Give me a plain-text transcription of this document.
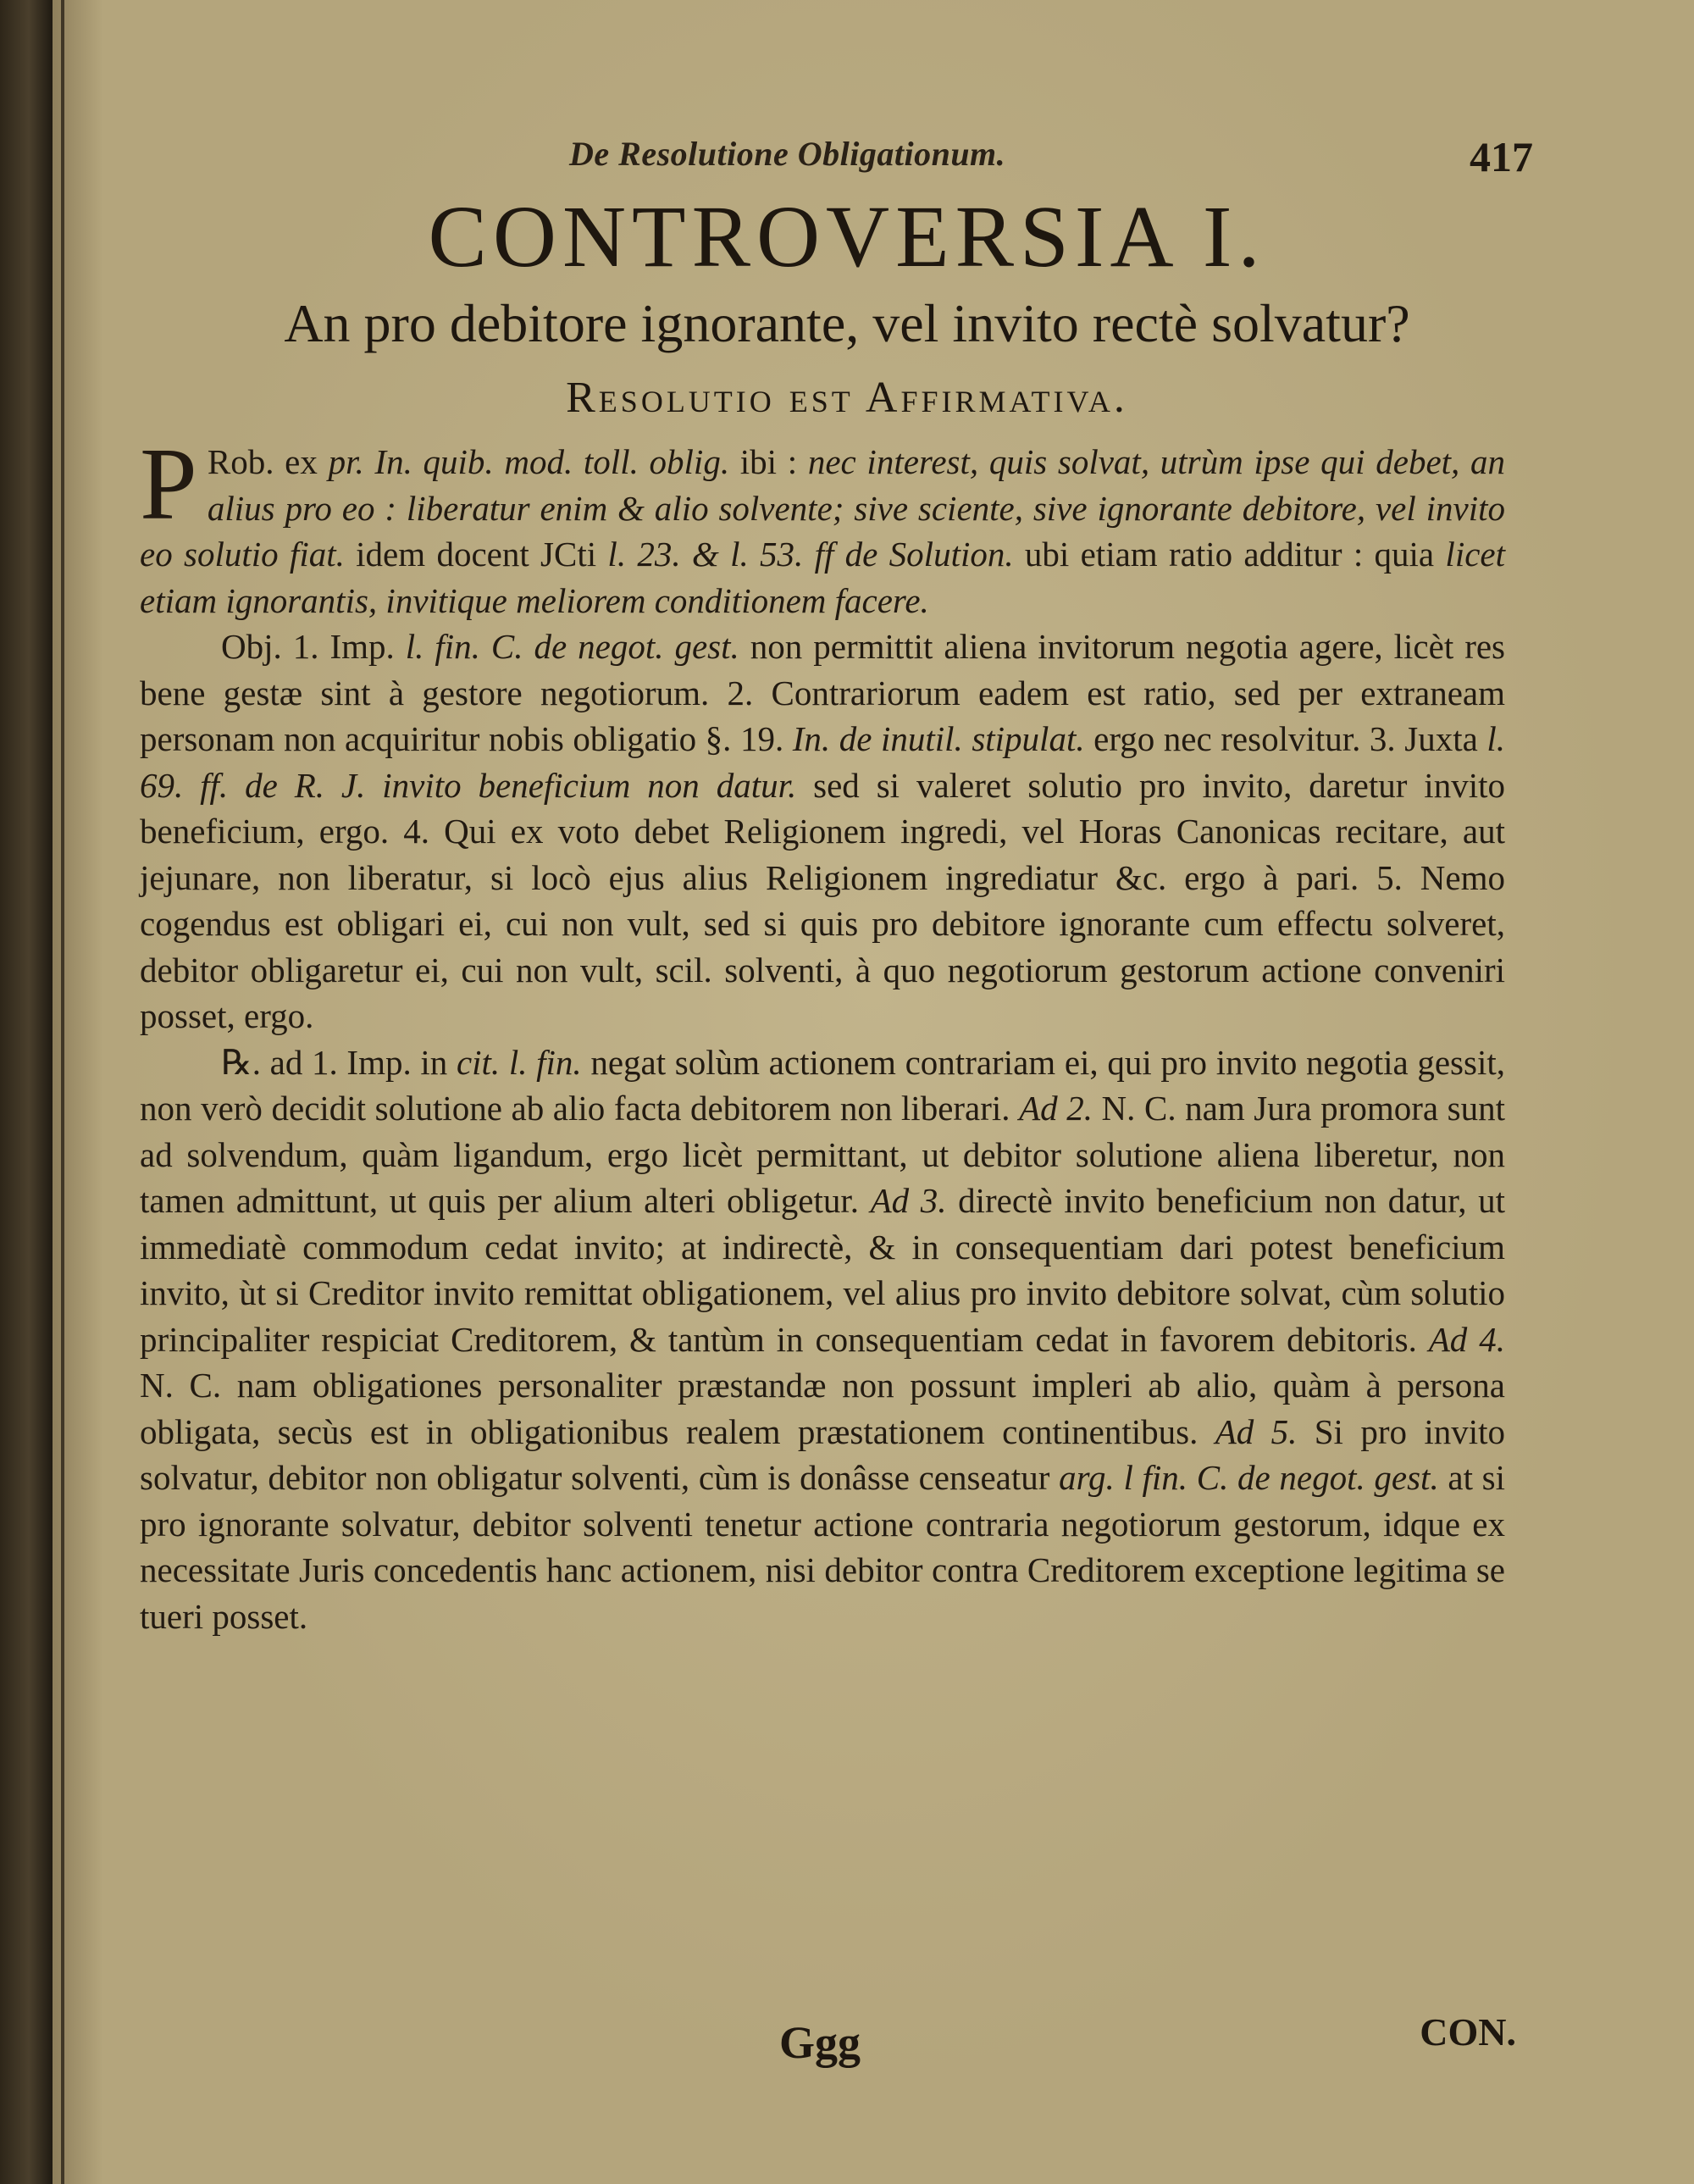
De Resolutione Obligationum.	417
CONTROVERSIA I.
An pro debitore ignorante, vel invito rectè solvatur?
Resolutio est Affirmativa.

P Rob. ex pr. In. quib. mod. toll. oblig. ibi : nec interest, quis solvat, utrùm ipse qui debet, an alius pro eo : liberatur enim & alio solvente; sive sciente, sive ignorante debitore, vel invito eo solutio fiat. idem docent JCti l. 23. & l. 53. ff de Solution. ubi etiam ratio additur : quia licet etiam ignorantis, invitique meliorem conditionem facere.

Obj. 1. Imp. l. fin. C. de negot. gest. non permittit aliena invitorum negotia agere, licèt res bene gestæ sint à gestore negotiorum. 2. Contrariorum eadem est ratio, sed per extraneam personam non acquiritur nobis obligatio §. 19. In. de inutil. stipulat. ergo nec resolvitur. 3. Juxta l. 69. ff. de R. J. invito beneficium non datur. sed si valeret solutio pro invito, daretur invito beneficium, ergo. 4. Qui ex voto debet Religionem ingredi, vel Horas Canonicas recitare, aut jejunare, non liberatur, si locò ejus alius Religionem ingrediatur &c. ergo à pari. 5. Nemo cogendus est obligari ei, cui non vult, sed si quis pro debitore ignorante cum effectu solveret, debitor obligaretur ei, cui non vult, scil. solventi, à quo negotiorum gestorum actione conveniri posset, ergo.

℞. ad 1. Imp. in cit. l. fin. negat solùm actionem contrariam ei, qui pro invito negotia gessit, non verò decidit solutione ab alio facta debitorem non liberari. Ad 2. N. C. nam Jura promora sunt ad solvendum, quàm ligandum, ergo licèt permittant, ut debitor solutione aliena liberetur, non tamen admittunt, ut quis per alium alteri obligetur. Ad 3. directè invito beneficium non datur, ut immediatè commodum cedat invito; at indirectè, & in consequentiam dari potest beneficium invito, ùt si Creditor invito remittat obligationem, vel alius pro invito debitore solvat, cùm solutio principaliter respiciat Creditorem, & tantùm in consequentiam cedat in favorem debitoris. Ad 4. N. C. nam obligationes personaliter præstandæ non possunt impleri ab alio, quàm à persona obligata, secùs est in obligationibus realem præstationem continentibus. Ad 5. Si pro invito solvatur, debitor non obligatur solventi, cùm is donâsse censeatur arg. l fin. C. de negot. gest. at si pro ignorante solvatur, debitor solventi tenetur actione contraria negotiorum gestorum, idque ex necessitate Juris concedentis hanc actionem, nisi debitor contra Creditorem exceptione legitima se tueri posset.

Ggg	CON.
